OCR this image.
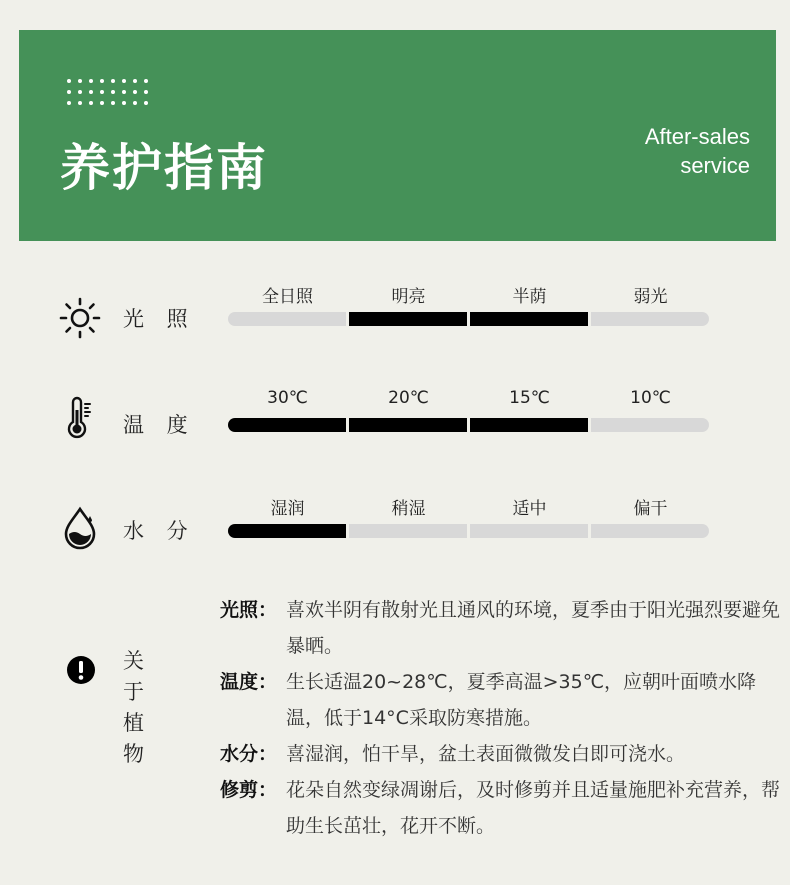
养护指南
After-sales
service
光 照
全日照	明亮	半荫	弱光
温 度
30℃	20℃	15℃	10℃
水 分
湿润	稍湿	适中	偏干
关 于
植 物
光照： 喜欢半阴有散射光且通风的环境，夏季由于阳光强烈要避免暴晒。
温度： 生长适温20~28℃，夏季高温>35℃，应朝叶面喷水降温，低于14°C采取防寒措施。
水分： 喜湿润，怕干旱，盆土表面微微发白即可浇水。
修剪： 花朵自然变绿凋谢后，及时修剪并且适量施肥补充营养，帮助生长茁壮，花开不断。
